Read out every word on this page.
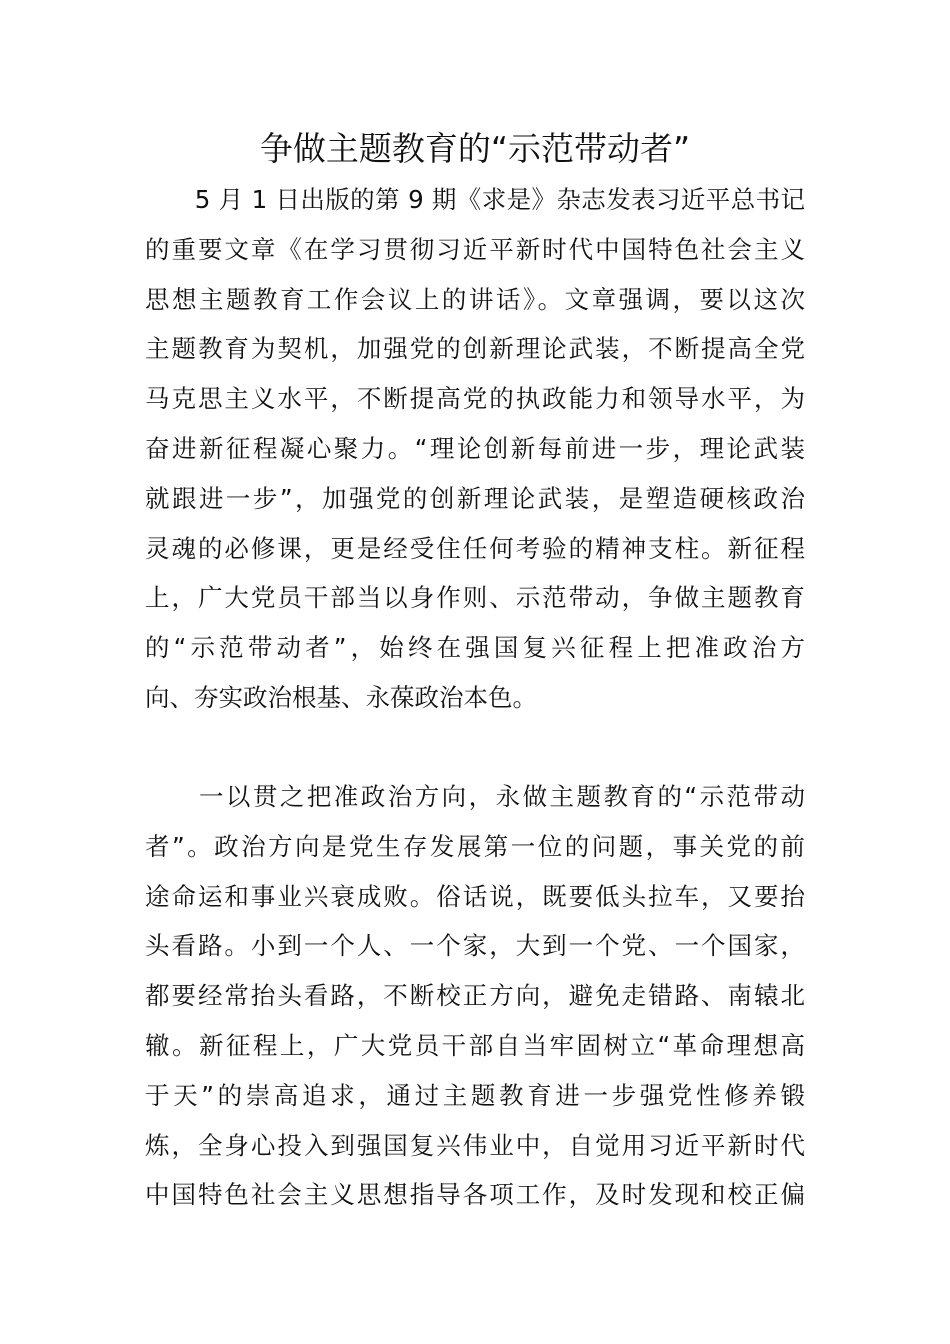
争做主题教育的“示范带动者”
　　5 月 1 日出版的第 9 期《求是》杂志发表习近平总书记
的重要文章《在学习贯彻习近平新时代中国特色社会主义
思想主题教育工作会议上的讲话》。文章强调，要以这次
主题教育为契机，加强党的创新理论武装，不断提高全党
马克思主义水平，不断提高党的执政能力和领导水平，为
奋进新征程凝心聚力。“理论创新每前进一步，理论武装
就跟进一步”，加强党的创新理论武装，是塑造硬核政治
灵魂的必修课，更是经受住任何考验的精神支柱。新征程
上，广大党员干部当以身作则、示范带动，争做主题教育
的“示范带动者”，始终在强国复兴征程上把准政治方
向、夯实政治根基、永葆政治本色。
　　一以贯之把准政治方向，永做主题教育的“示范带动
者”。政治方向是党生存发展第一位的问题，事关党的前
途命运和事业兴衰成败。俗话说，既要低头拉车，又要抬
头看路。小到一个人、一个家，大到一个党、一个国家，
都要经常抬头看路，不断校正方向，避免走错路、南辕北
辙。新征程上，广大党员干部自当牢固树立“革命理想高
于天”的崇高追求，通过主题教育进一步强党性修养锻
炼，全身心投入到强国复兴伟业中，自觉用习近平新时代
中国特色社会主义思想指导各项工作，及时发现和校正偏
